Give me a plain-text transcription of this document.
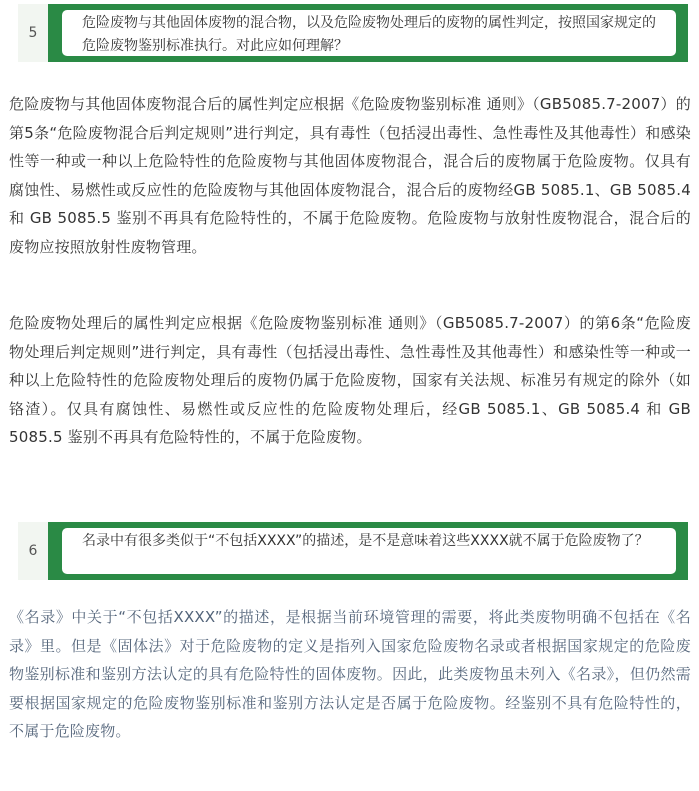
5
危险废物与其他固体废物的混合物，以及危险废物处理后的废物的属性判定，按照国家规定的危险废物鉴别标准执行。对此应如何理解？

危险废物与其他固体废物混合后的属性判定应根据《危险废物鉴别标准 通则》（GB5085.7-2007）的第5条“危险废物混合后判定规则”进行判定，具有毒性（包括浸出毒性、急性毒性及其他毒性）和感染性等一种或一种以上危险特性的危险废物与其他固体废物混合，混合后的废物属于危险废物。仅具有腐蚀性、易燃性或反应性的危险废物与其他固体废物混合，混合后的废物经GB 5085.1、GB 5085.4和 GB 5085.5 鉴别不再具有危险特性的，不属于危险废物。危险废物与放射性废物混合，混合后的废物应按照放射性废物管理。

危险废物处理后的属性判定应根据《危险废物鉴别标准 通则》（GB5085.7-2007）的第6条“危险废物处理后判定规则”进行判定，具有毒性（包括浸出毒性、急性毒性及其他毒性）和感染性等一种或一种以上危险特性的危险废物处理后的废物仍属于危险废物，国家有关法规、标准另有规定的除外（如铬渣）。仅具有腐蚀性、易燃性或反应性的危险废物处理后，经GB 5085.1、GB 5085.4 和 GB 5085.5 鉴别不再具有危险特性的，不属于危险废物。

6
名录中有很多类似于“不包括XXXX”的描述，是不是意味着这些XXXX就不属于危险废物了？

《名录》中关于“不包括XXXX”的描述，是根据当前环境管理的需要，将此类废物明确不包括在《名录》里。但是《固体法》对于危险废物的定义是指列入国家危险废物名录或者根据国家规定的危险废物鉴别标准和鉴别方法认定的具有危险特性的固体废物。因此，此类废物虽未列入《名录》，但仍然需要根据国家规定的危险废物鉴别标准和鉴别方法认定是否属于危险废物。经鉴别不具有危险特性的，不属于危险废物。
